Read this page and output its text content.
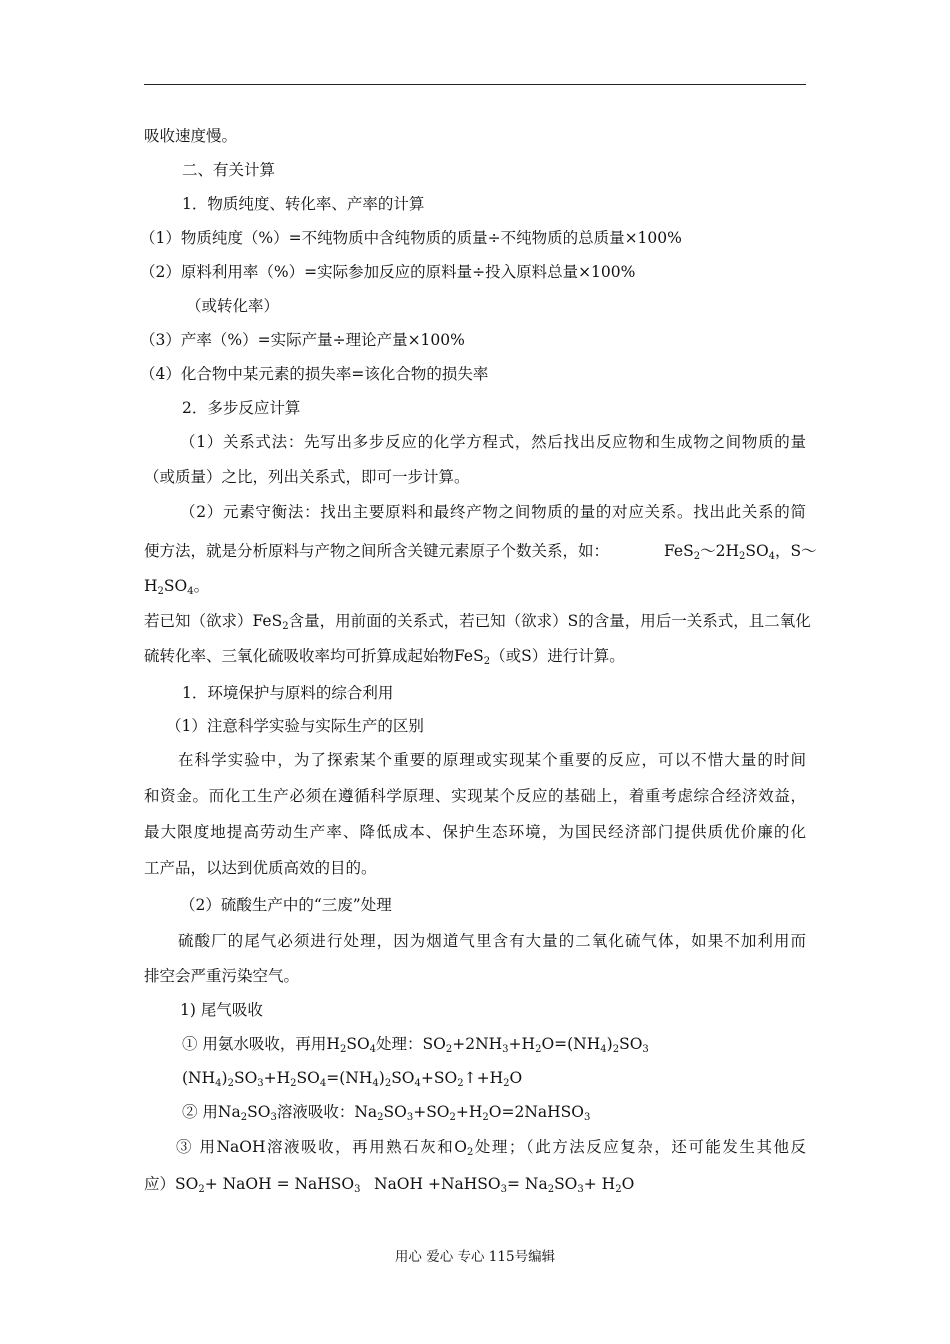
吸收速度慢。
二、有关计算
1．物质纯度、转化率、产率的计算
（1）物质纯度（%）=不纯物质中含纯物质的质量÷不纯物质的总质量×100%
（2）原料利用率（%）=实际参加反应的原料量÷投入原料总量×100%
（或转化率）
（3）产率（%）=实际产量÷理论产量×100%
（4）化合物中某元素的损失率=该化合物的损失率
2．多步反应计算
（1）关系式法：先写出多步反应的化学方程式，然后找出反应物和生成物之间物质的量
（或质量）之比，列出关系式，即可一步计算。
（2）元素守衡法：找出主要原料和最终产物之间物质的量的对应关系。找出此关系的简
便方法，就是分析原料与产物之间所含关键元素原子个数关系，如：	$FeS_2\sim 2H_2SO_4$，S～
$H_2SO_4$。
若已知（欲求）FeS$_2$含量，用前面的关系式，若已知（欲求）S的含量，用后一关系式，且二氧化
硫转化率、三氧化硫吸收率均可折算成起始物FeS$_2$（或S）进行计算。
1．环境保护与原料的综合利用
（1）注意科学实验与实际生产的区别
在科学实验中，为了探索某个重要的原理或实现某个重要的反应，可以不惜大量的时间
和资金。而化工生产必须在遵循科学原理、实现某个反应的基础上，着重考虑综合经济效益，
最大限度地提高劳动生产率、降低成本、保护生态环境，为国民经济部门提供质优价廉的化
工产品，以达到优质高效的目的。
（2）硫酸生产中的“三废”处理
硫酸厂的尾气必须进行处理，因为烟道气里含有大量的二氧化硫气体，如果不加利用而
排空会严重污染空气。
1) 尾气吸收
① 用氨水吸收，再用$H_2SO_4$处理：$SO_2+2NH_3+H_2O=(NH_4)_2SO_3$
$(NH_4)_2SO_3+H_2SO_4=(NH_4)_2SO_4+SO_2↑+H_2O$
② 用$Na_2SO_3$溶液吸收：$Na_2SO_3+SO_2+H_2O=2NaHSO_3$
③ 用NaOH溶液吸收，再用熟石灰和$O_2$处理；（此方法反应复杂，还可能发生其他反
应）$SO_2+$ NaOH = NaHSO$_3$ NaOH +NaHSO$_3$= $Na_2SO_3+ H_2O$
用心 爱心 专心 115号编辑
